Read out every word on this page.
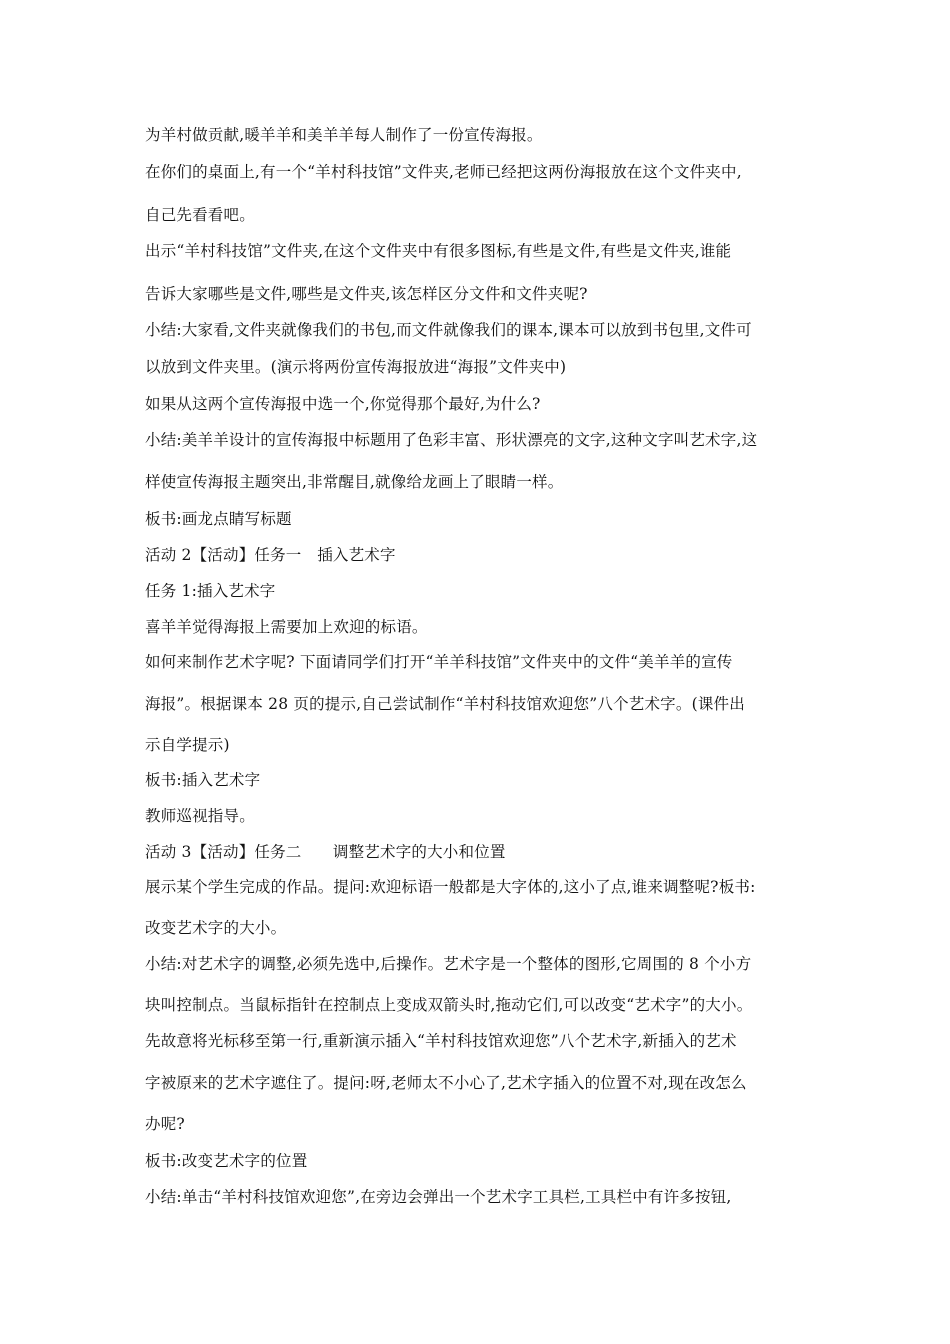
为羊村做贡献,暖羊羊和美羊羊每人制作了一份宣传海报。
在你们的桌面上,有一个“羊村科技馆”文件夹,老师已经把这两份海报放在这个文件夹中,
自己先看看吧。
出示“羊村科技馆”文件夹,在这个文件夹中有很多图标,有些是文件,有些是文件夹,谁能
告诉大家哪些是文件,哪些是文件夹,该怎样区分文件和文件夹呢?
小结:大家看,文件夹就像我们的书包,而文件就像我们的课本,课本可以放到书包里,文件可
以放到文件夹里。(演示将两份宣传海报放进“海报”文件夹中)
如果从这两个宣传海报中选一个,你觉得那个最好,为什么?
小结:美羊羊设计的宣传海报中标题用了色彩丰富、形状漂亮的文字,这种文字叫艺术字,这
样使宣传海报主题突出,非常醒目,就像给龙画上了眼睛一样。
板书:画龙点睛写标题
活动 2【活动】任务一　插入艺术字
任务 1:插入艺术字
喜羊羊觉得海报上需要加上欢迎的标语。
如何来制作艺术字呢? 下面请同学们打开“羊羊科技馆”文件夹中的文件“美羊羊的宣传
海报”。根据课本 28 页的提示,自己尝试制作“羊村科技馆欢迎您”八个艺术字。(课件出
示自学提示)
板书:插入艺术字
教师巡视指导。
活动 3【活动】任务二　　调整艺术字的大小和位置
展示某个学生完成的作品。提问:欢迎标语一般都是大字体的,这小了点,谁来调整呢?板书:
改变艺术字的大小。
小结:对艺术字的调整,必须先选中,后操作。艺术字是一个整体的图形,它周围的 8 个小方
块叫控制点。当鼠标指针在控制点上变成双箭头时,拖动它们,可以改变“艺术字”的大小。
先故意将光标移至第一行,重新演示插入“羊村科技馆欢迎您”八个艺术字,新插入的艺术
字被原来的艺术字遮住了。提问:呀,老师太不小心了,艺术字插入的位置不对,现在改怎么
办呢?
板书:改变艺术字的位置
小结:单击“羊村科技馆欢迎您”,在旁边会弹出一个艺术字工具栏,工具栏中有许多按钮,
